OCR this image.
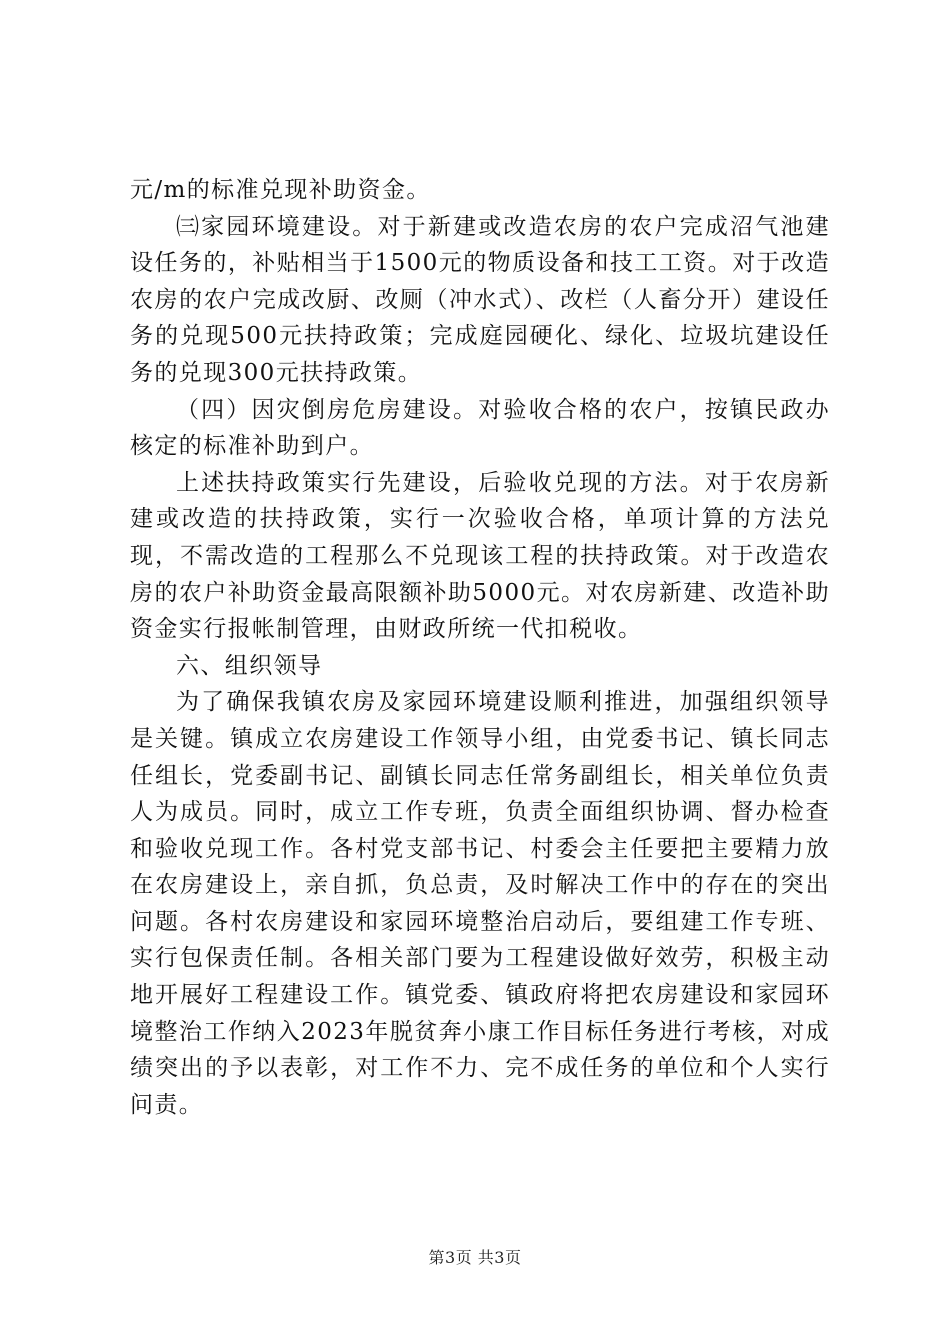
元/m的标准兑现补助资金。

㈢家园环境建设。对于新建或改造农房的农户完成沼气池建设任务的，补贴相当于1500元的物质设备和技工工资。对于改造农房的农户完成改厨、改厕（冲水式）、改栏（人畜分开）建设任务的兑现500元扶持政策；完成庭园硬化、绿化、垃圾坑建设任务的兑现300元扶持政策。

（四）因灾倒房危房建设。对验收合格的农户，按镇民政办核定的标准补助到户。

上述扶持政策实行先建设，后验收兑现的方法。对于农房新建或改造的扶持政策，实行一次验收合格，单项计算的方法兑现，不需改造的工程那么不兑现该工程的扶持政策。对于改造农房的农户补助资金最高限额补助5000元。对农房新建、改造补助资金实行报帐制管理，由财政所统一代扣税收。

六、组织领导

为了确保我镇农房及家园环境建设顺利推进，加强组织领导是关键。镇成立农房建设工作领导小组，由党委书记、镇长同志任组长，党委副书记、副镇长同志任常务副组长，相关单位负责人为成员。同时，成立工作专班，负责全面组织协调、督办检查和验收兑现工作。各村党支部书记、村委会主任要把主要精力放在农房建设上，亲自抓，负总责，及时解决工作中的存在的突出问题。各村农房建设和家园环境整治启动后，要组建工作专班、实行包保责任制。各相关部门要为工程建设做好效劳，积极主动地开展好工程建设工作。镇党委、镇政府将把农房建设和家园环境整治工作纳入2023年脱贫奔小康工作目标任务进行考核，对成绩突出的予以表彰，对工作不力、完不成任务的单位和个人实行问责。

第3页 共3页
